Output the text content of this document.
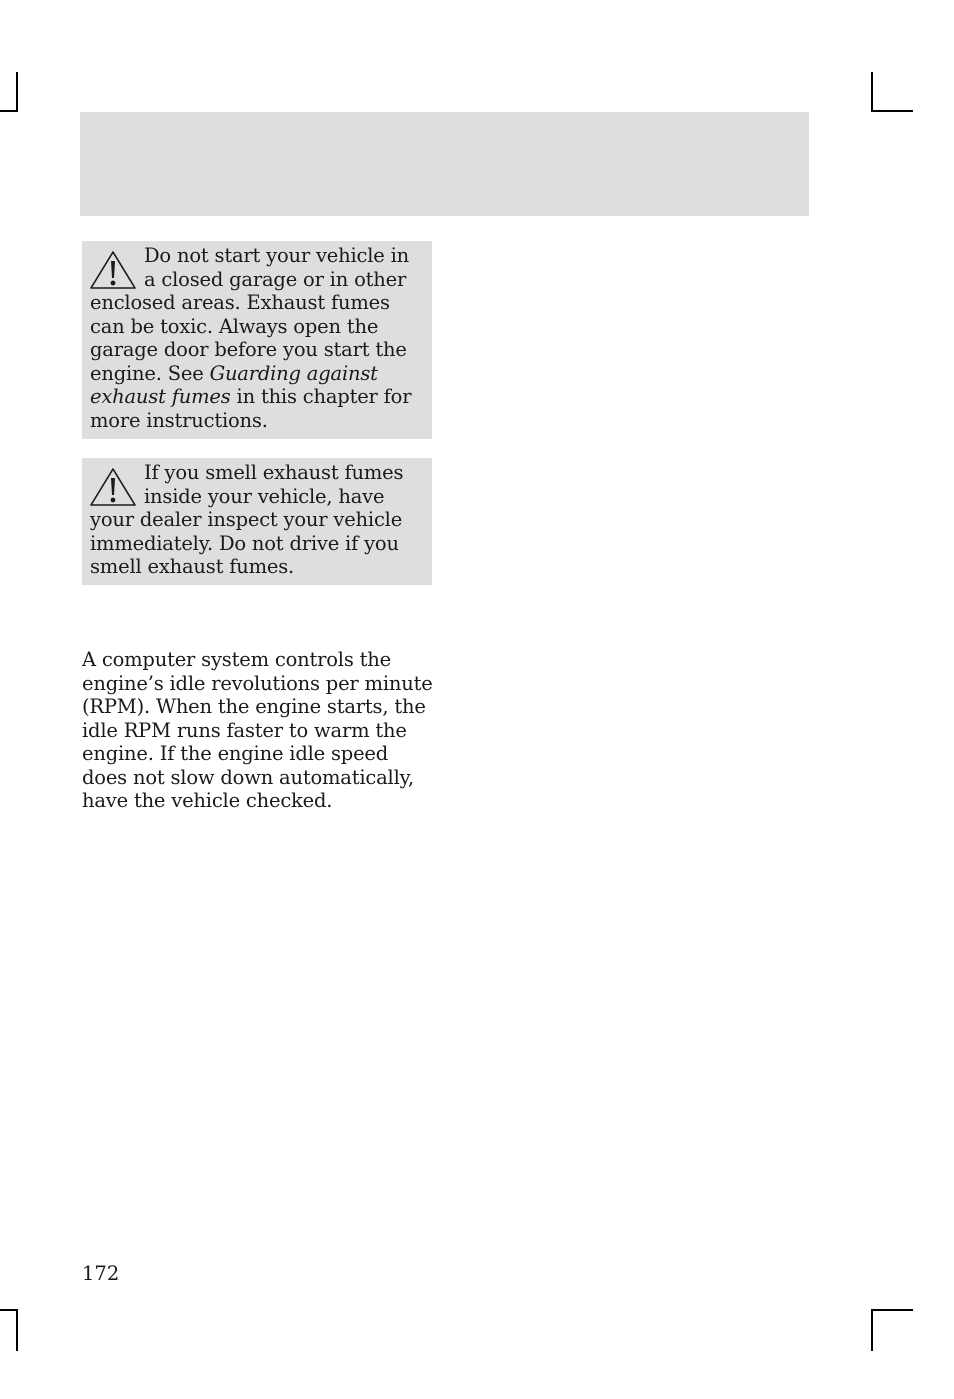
Do not start your vehicle in a closed garage or in other enclosed areas. Exhaust fumes can be toxic. Always open the garage door before you start the engine. See Guarding against exhaust fumes in this chapter for more instructions.

If you smell exhaust fumes inside your vehicle, have your dealer inspect your vehicle immediately. Do not drive if you smell exhaust fumes.

A computer system controls the engine’s idle revolutions per minute (RPM). When the engine starts, the idle RPM runs faster to warm the engine. If the engine idle speed does not slow down automatically, have the vehicle checked.

172
